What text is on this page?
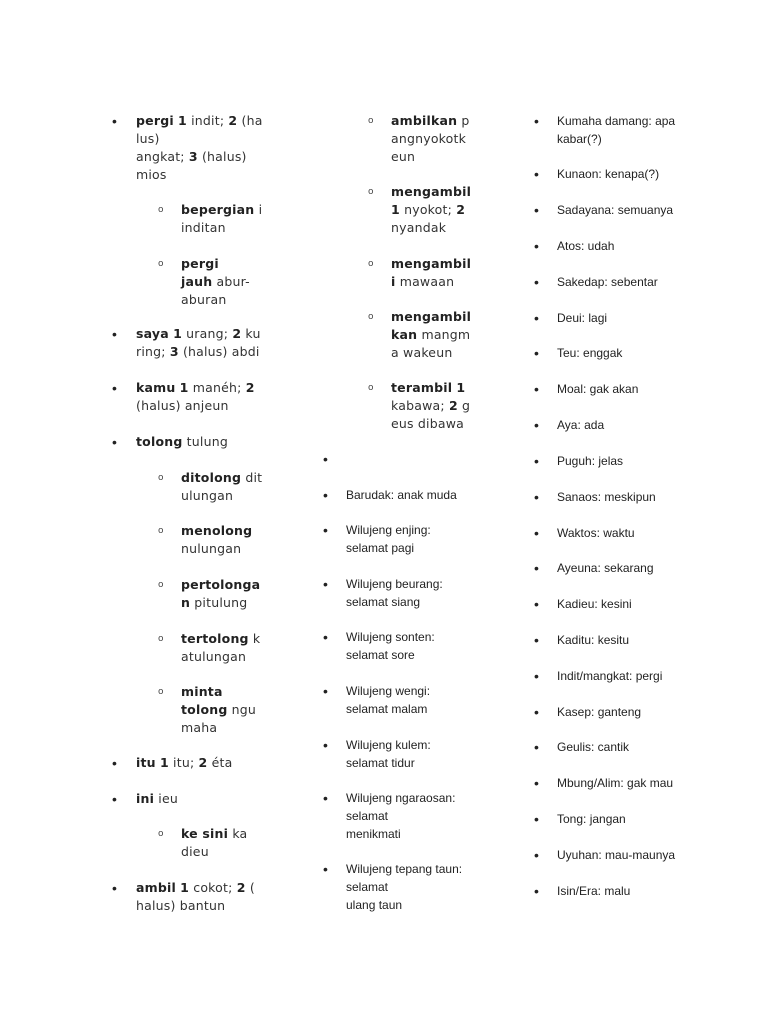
• pergi 1 indit; 2 (ha
lus)
angkat; 3 (halus)
mios
o bepergian i
inditan
o pergi
jauh abur-
aburan
• saya 1 urang; 2 ku
ring; 3 (halus) abdi
• kamu 1 manéh; 2
(halus) anjeun
• tolong tulung
o ditolong dit
ulungan
o menolong
nulungan
o pertolonga
n pitulung
o tertolong k
atulungan
o minta
tolong ngu
maha
• itu 1 itu; 2 éta
• ini ieu
o ke sini ka
dieu
• ambil 1 cokot; 2 (
halus) bantun
o ambilkan p
angnyokotk
eun
o mengambil
1 nyokot; 2
nyandak
o mengambil
i mawaan
o mengambil
kan mangm
a wakeun
o terambil 1
kabawa; 2 g
eus dibawa
•
• Barudak: anak muda
• Wilujeng enjing:
selamat pagi
• Wilujeng beurang:
selamat siang
• Wilujeng sonten:
selamat sore
• Wilujeng wengi:
selamat malam
• Wilujeng kulem:
selamat tidur
• Wilujeng ngaraosan:
selamat
menikmati
• Wilujeng tepang taun:
selamat
ulang taun
• Kumaha damang: apa
kabar(?)
• Kunaon: kenapa(?)
• Sadayana: semuanya
• Atos: udah
• Sakedap: sebentar
• Deui: lagi
• Teu: enggak
• Moal: gak akan
• Aya: ada
• Puguh: jelas
• Sanaos: meskipun
• Waktos: waktu
• Ayeuna: sekarang
• Kadieu: kesini
• Kaditu: kesitu
• Indit/mangkat: pergi
• Kasep: ganteng
• Geulis: cantik
• Mbung/Alim: gak mau
• Tong: jangan
• Uyuhan: mau-maunya
• Isin/Era: malu
